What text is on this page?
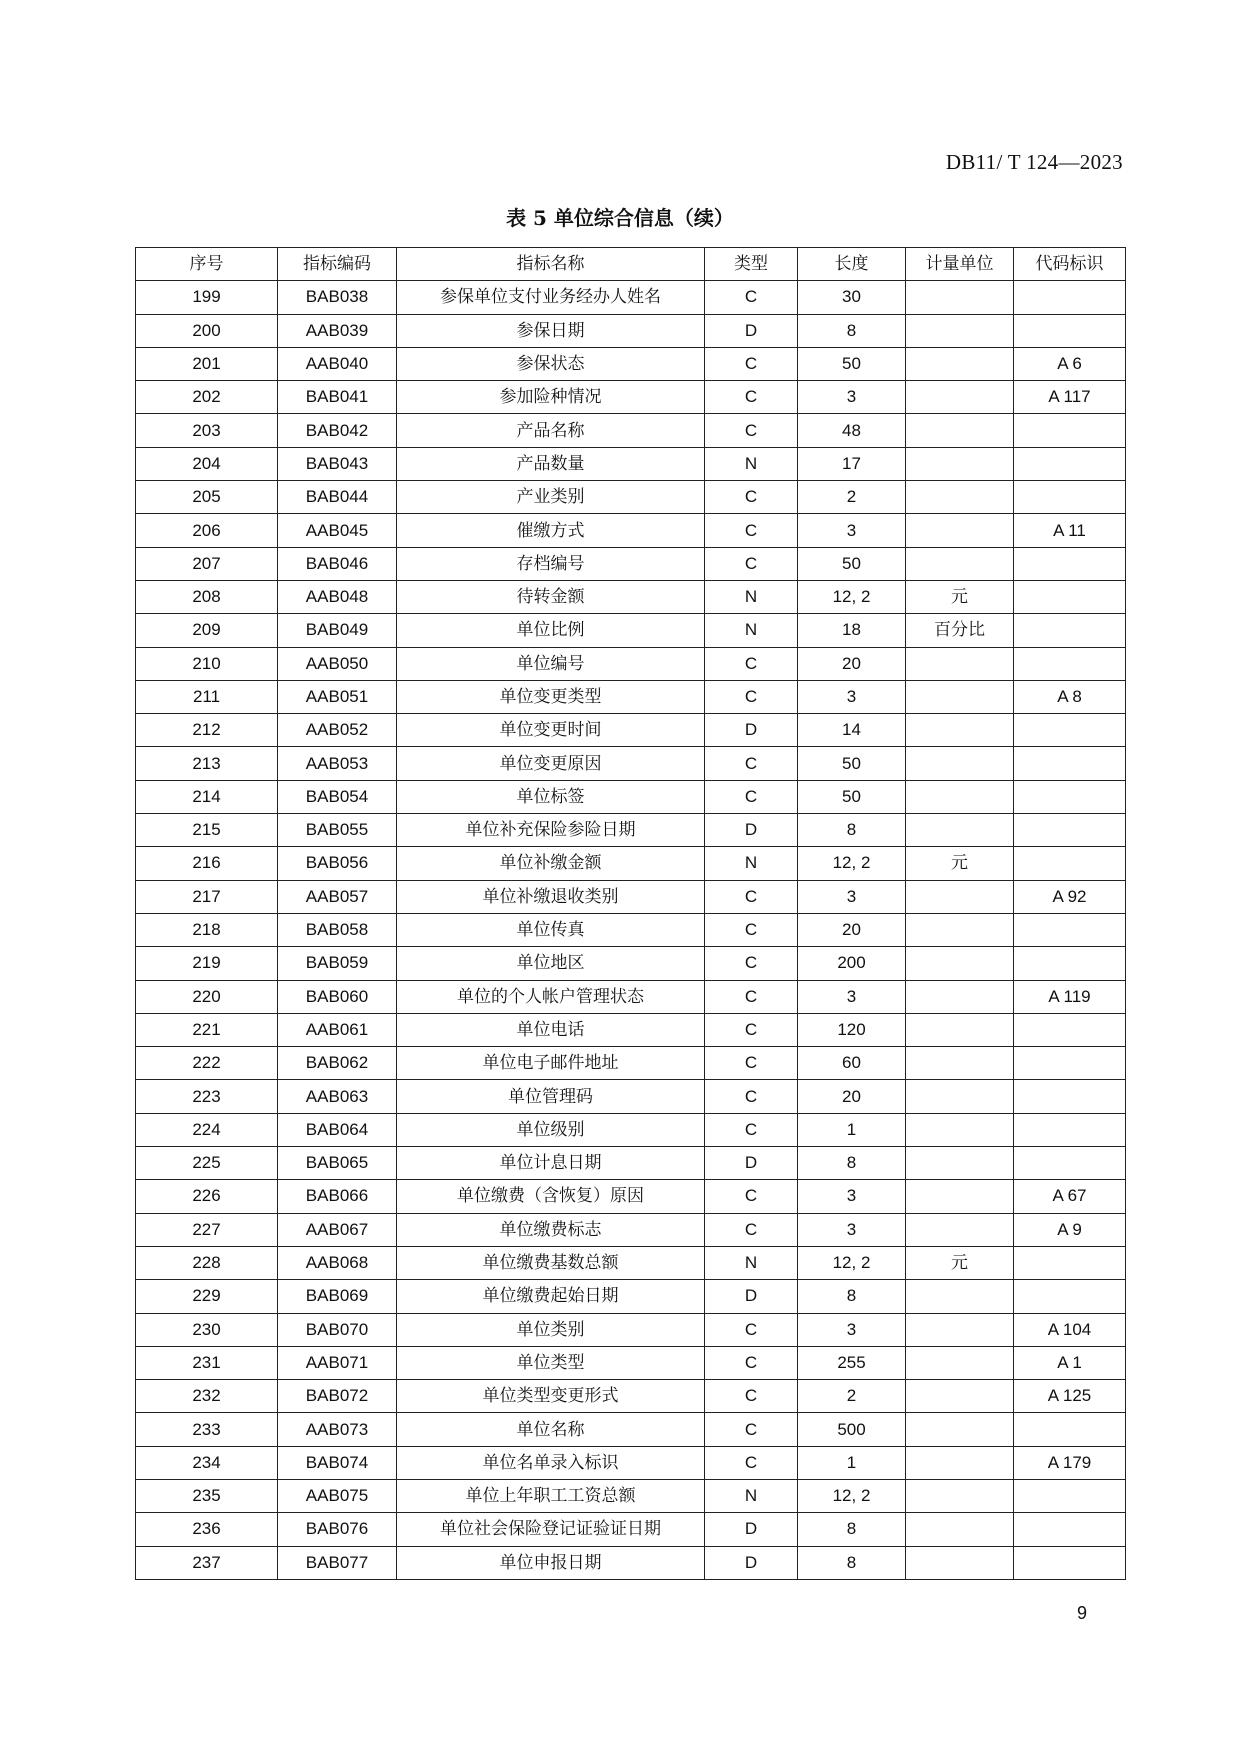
DB11/ T 124—2023
表 5 单位综合信息（续）
序号	指标编码	指标名称	类型	长度	计量单位	代码标识
199	BAB038	参保单位支付业务经办人姓名	C	30		
200	AAB039	参保日期	D	8		
201	AAB040	参保状态	C	50		A 6
202	BAB041	参加险种情况	C	3		A 117
203	BAB042	产品名称	C	48		
204	BAB043	产品数量	N	17		
205	BAB044	产业类别	C	2		
206	AAB045	催缴方式	C	3		A 11
207	BAB046	存档编号	C	50		
208	AAB048	待转金额	N	12, 2	元	
209	BAB049	单位比例	N	18	百分比	
210	AAB050	单位编号	C	20		
211	AAB051	单位变更类型	C	3		A 8
212	AAB052	单位变更时间	D	14		
213	AAB053	单位变更原因	C	50		
214	BAB054	单位标签	C	50		
215	BAB055	单位补充保险参险日期	D	8		
216	BAB056	单位补缴金额	N	12, 2	元	
217	AAB057	单位补缴退收类别	C	3		A 92
218	BAB058	单位传真	C	20		
219	BAB059	单位地区	C	200		
220	BAB060	单位的个人帐户管理状态	C	3		A 119
221	AAB061	单位电话	C	120		
222	BAB062	单位电子邮件地址	C	60		
223	AAB063	单位管理码	C	20		
224	BAB064	单位级别	C	1		
225	BAB065	单位计息日期	D	8		
226	BAB066	单位缴费（含恢复）原因	C	3		A 67
227	AAB067	单位缴费标志	C	3		A 9
228	AAB068	单位缴费基数总额	N	12, 2	元	
229	BAB069	单位缴费起始日期	D	8		
230	BAB070	单位类别	C	3		A 104
231	AAB071	单位类型	C	255		A 1
232	BAB072	单位类型变更形式	C	2		A 125
233	AAB073	单位名称	C	500		
234	BAB074	单位名单录入标识	C	1		A 179
235	AAB075	单位上年职工工资总额	N	12, 2		
236	BAB076	单位社会保险登记证验证日期	D	8		
237	BAB077	单位申报日期	D	8		
9
